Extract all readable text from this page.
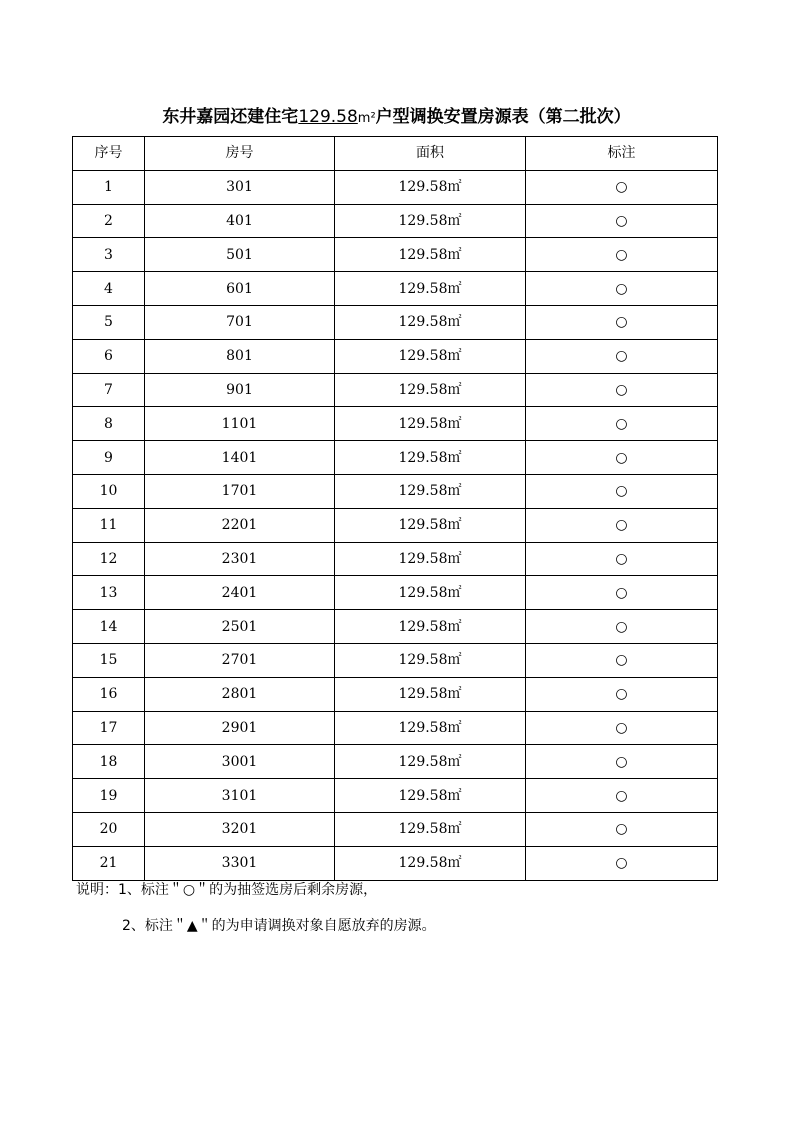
东井嘉园还建住宅129.58m²户型调换安置房源表（第二批次）
序号	房号	面积	标注
1	301	129.58㎡	○
2	401	129.58㎡	○
3	501	129.58㎡	○
4	601	129.58㎡	○
5	701	129.58㎡	○
6	801	129.58㎡	○
7	901	129.58㎡	○
8	1101	129.58㎡	○
9	1401	129.58㎡	○
10	1701	129.58㎡	○
11	2201	129.58㎡	○
12	2301	129.58㎡	○
13	2401	129.58㎡	○
14	2501	129.58㎡	○
15	2701	129.58㎡	○
16	2801	129.58㎡	○
17	2901	129.58㎡	○
18	3001	129.58㎡	○
19	3101	129.58㎡	○
20	3201	129.58㎡	○
21	3301	129.58㎡	○
说明：1、标注＂○＂的为抽签选房后剩余房源，
2、标注＂▲＂的为申请调换对象自愿放弃的房源。
